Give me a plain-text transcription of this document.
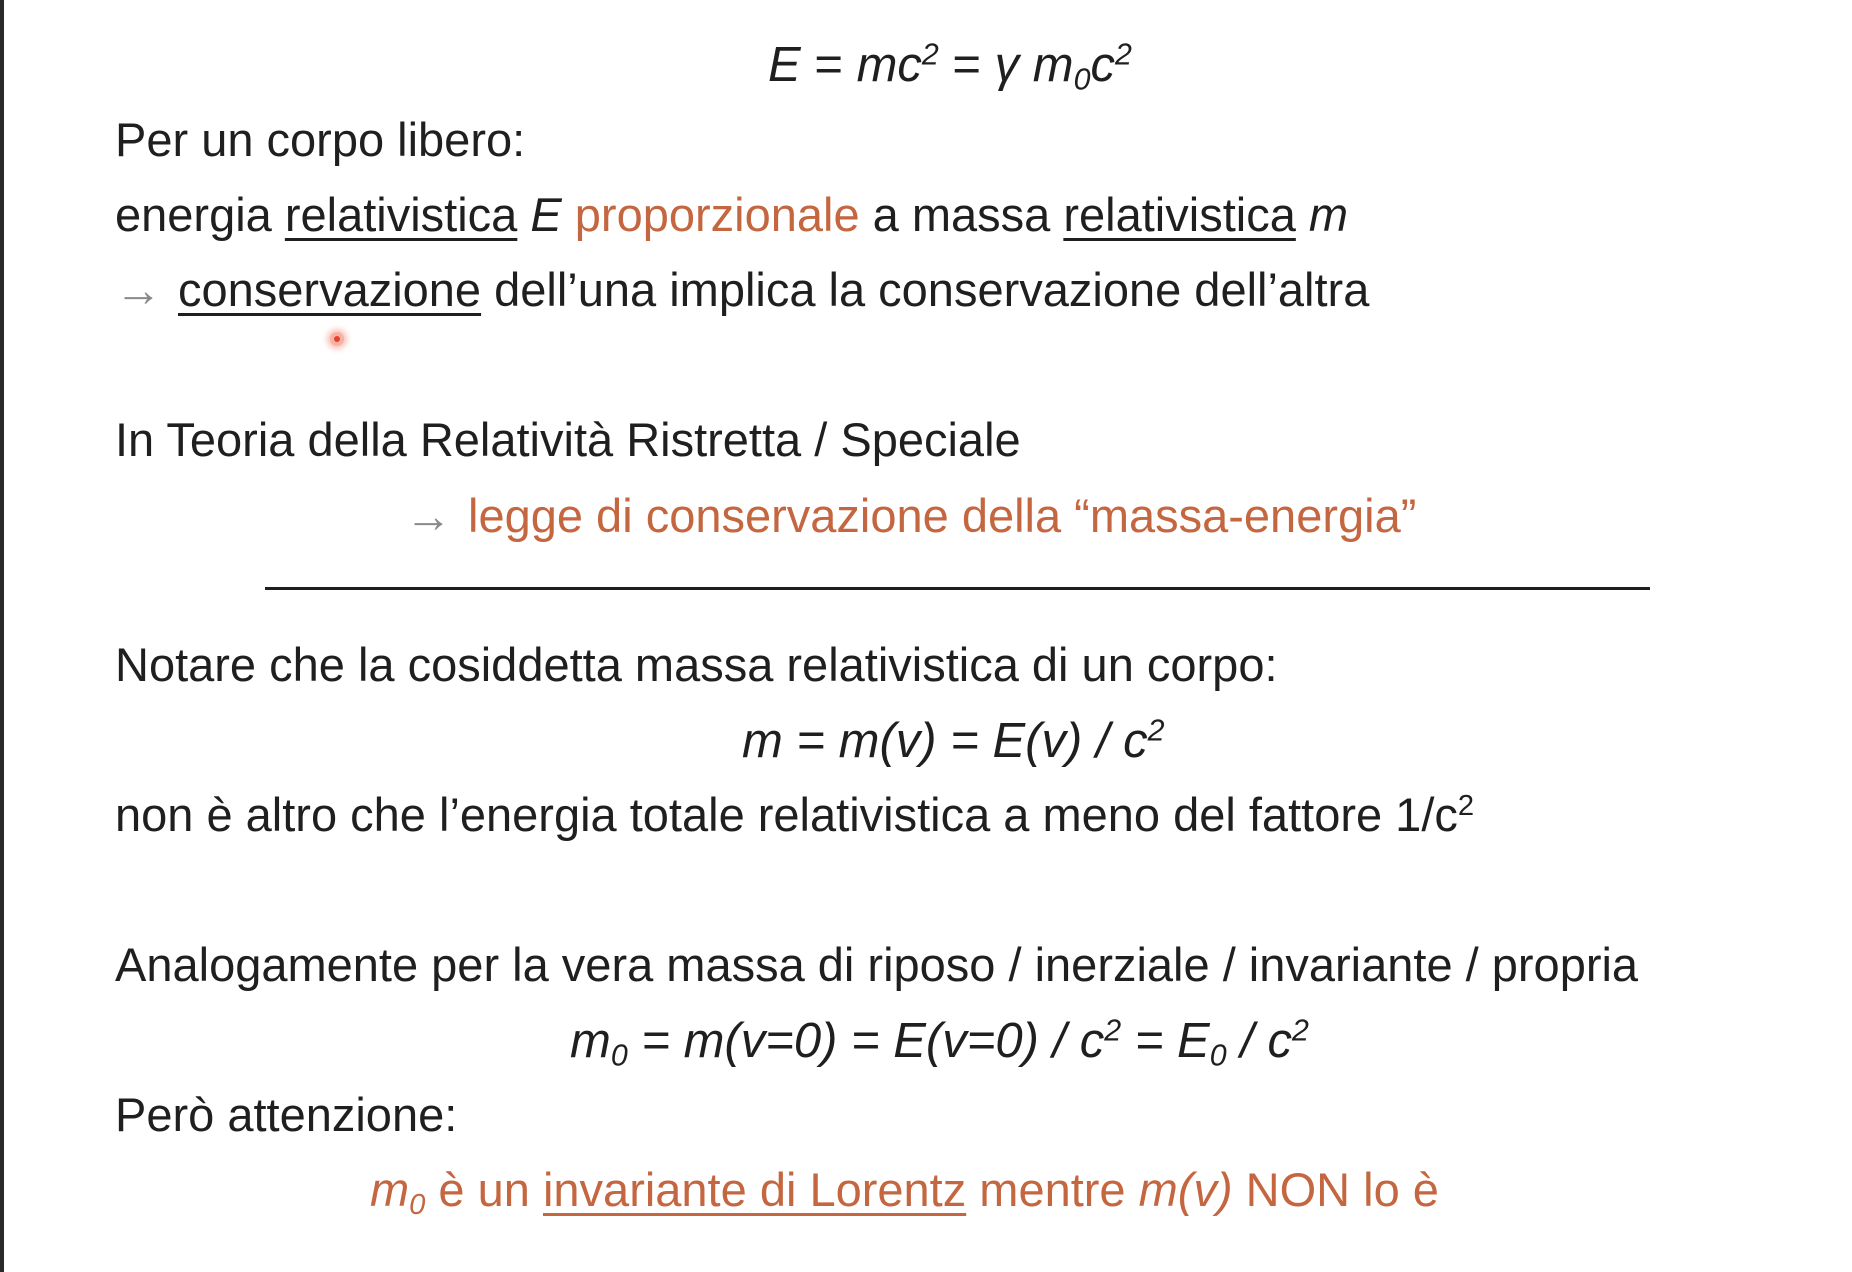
$E = mc^2 = \gamma$ $m_0c^2$
Per un corpo libero:
energia relativistica E proporzionale a massa relativistica m
→ conservazione dell’una implica la conservazione dell’altra
In Teoria della Relatività Ristretta / Speciale
→ legge di conservazione della “massa-energia”
Notare che la cosiddetta massa relativistica di un corpo:
$m = m(v) = E(v) / c^2$
non è altro che l’energia totale relativistica a meno del fattore $1/c^2$
Analogamente per la vera massa di riposo / inerziale / invariante / propria
$m_0 = m(v=0) = E(v=0) / c^2 = E_0 / c^2$
Però attenzione:
$m_0$ è un invariante di Lorentz mentre m(v) NON lo è
